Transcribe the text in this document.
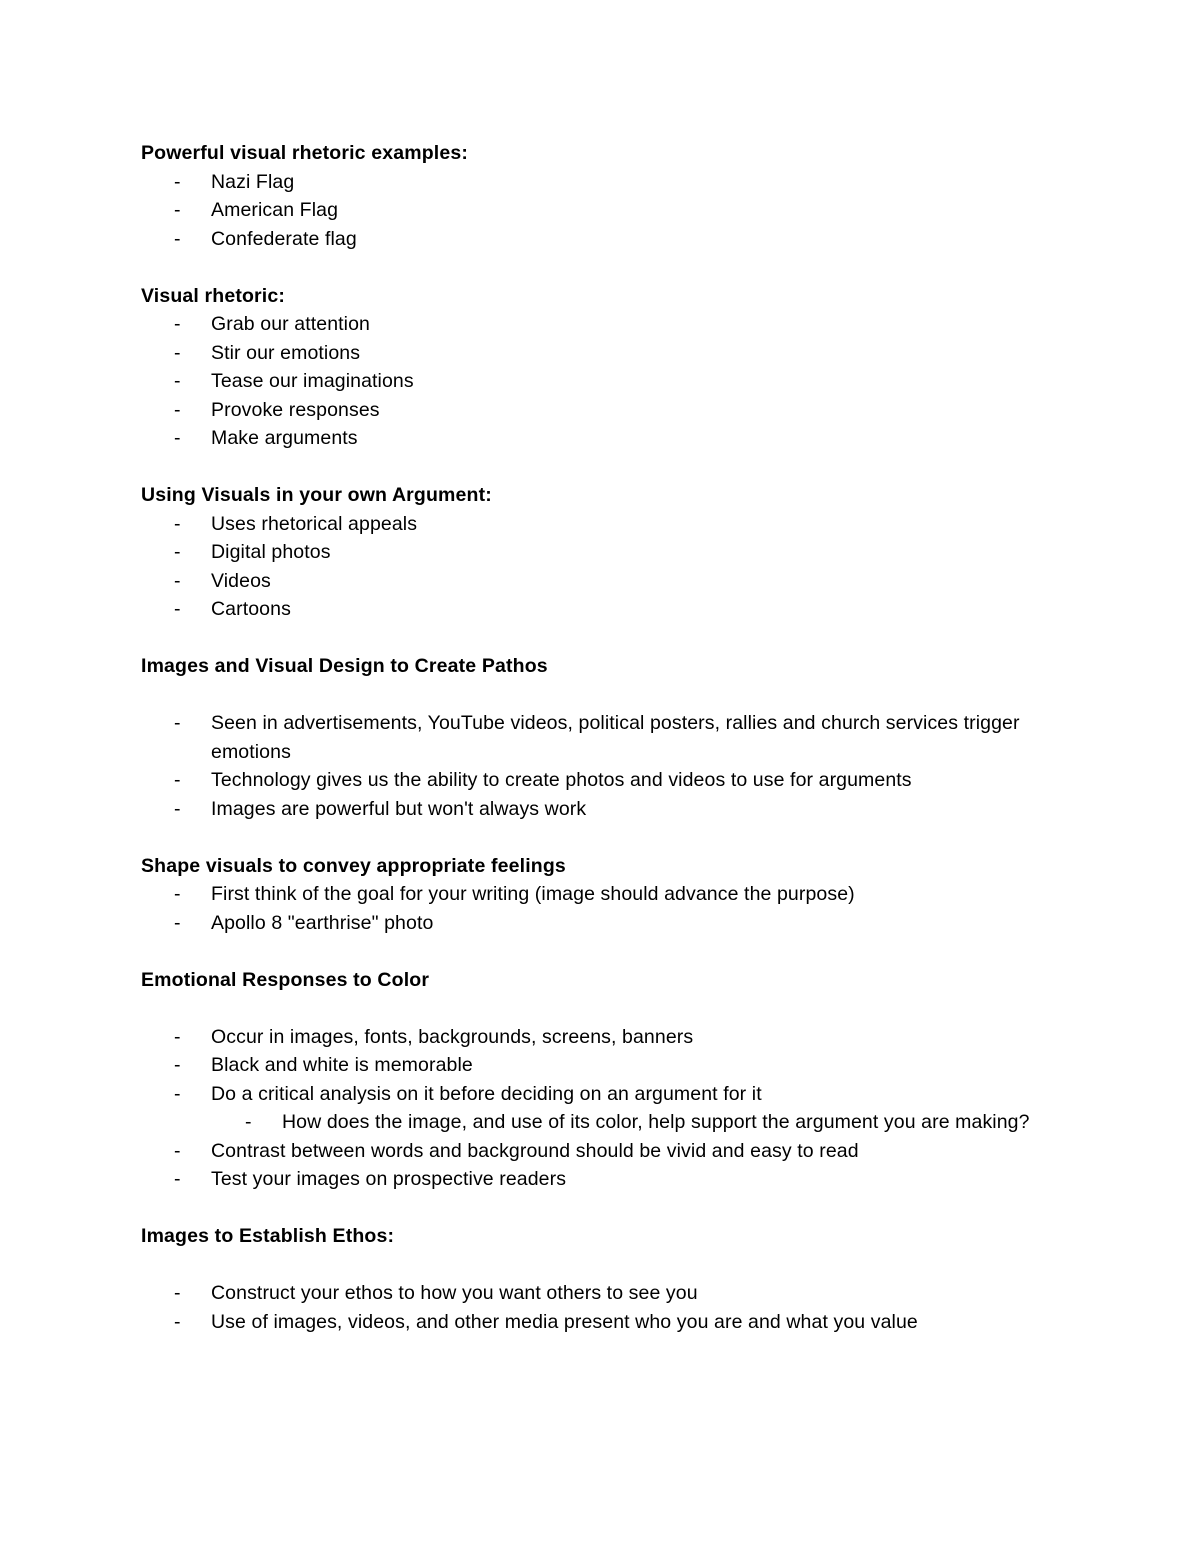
Powerful visual rhetoric examples:
- Nazi Flag
- American Flag
- Confederate flag
Visual rhetoric:
- Grab our attention
- Stir our emotions
- Tease our imaginations
- Provoke responses
- Make arguments
Using Visuals in your own Argument:
- Uses rhetorical appeals
- Digital photos
- Videos
- Cartoons
Images and Visual Design to Create Pathos
- Seen in advertisements, YouTube videos, political posters, rallies and church services trigger emotions
- Technology gives us the ability to create photos and videos to use for arguments
- Images are powerful but won't always work
Shape visuals to convey appropriate feelings
- First think of the goal for your writing (image should advance the purpose)
- Apollo 8 "earthrise" photo
Emotional Responses to Color
- Occur in images, fonts, backgrounds, screens, banners
- Black and white is memorable
- Do a critical analysis on it before deciding on an argument for it
- How does the image, and use of its color, help support the argument you are making?
- Contrast between words and background should be vivid and easy to read
- Test your images on prospective readers
Images to Establish Ethos:
- Construct your ethos to how you want others to see you
- Use of images, videos, and other media present who you are and what you value
